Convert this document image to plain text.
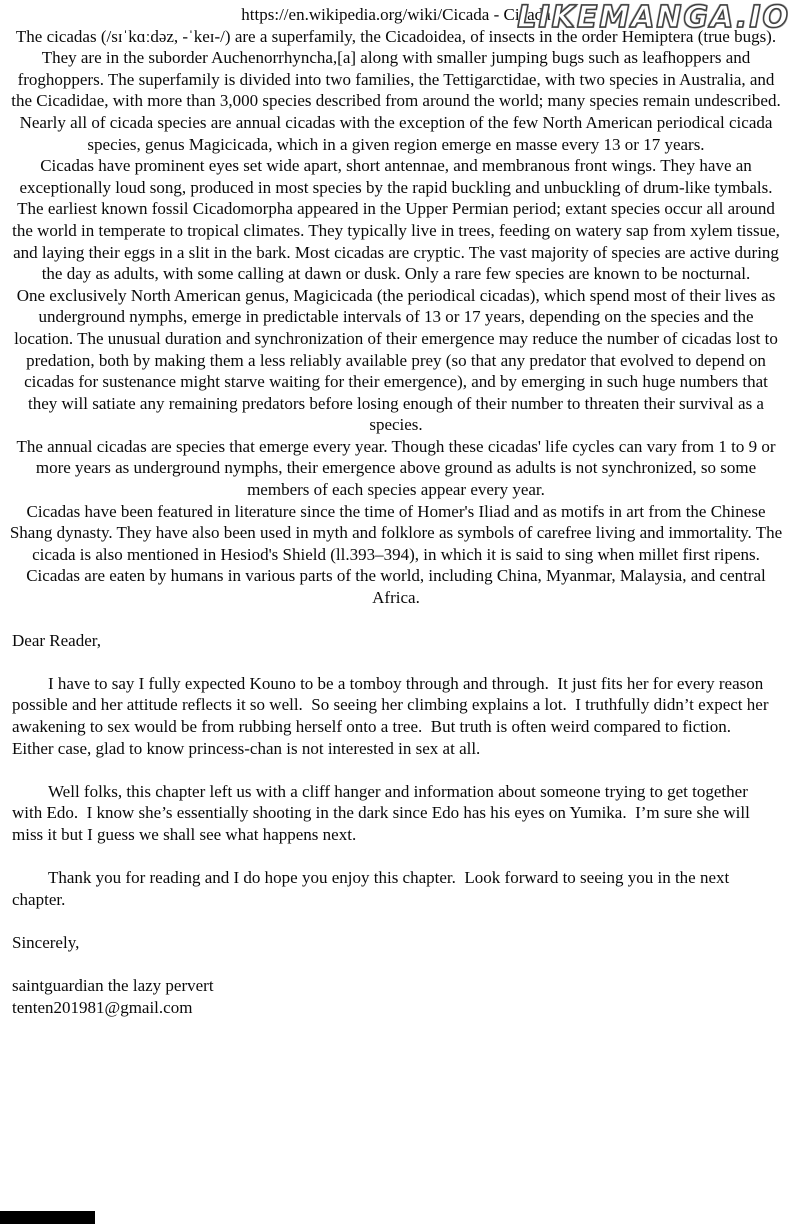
https://en.wikipedia.org/wiki/Cicada - Cicada
LIKEMANGA.IO

The cicadas (/sɪˈkɑːdəz, -ˈkeɪ-/) are a superfamily, the Cicadoidea, of insects in the order Hemiptera (true bugs). They are in the suborder Auchenorrhyncha,[a] along with smaller jumping bugs such as leafhoppers and froghoppers. The superfamily is divided into two families, the Tettigarctidae, with two species in Australia, and the Cicadidae, with more than 3,000 species described from around the world; many species remain undescribed. Nearly all of cicada species are annual cicadas with the exception of the few North American periodical cicada species, genus Magicicada, which in a given region emerge en masse every 13 or 17 years.

Cicadas have prominent eyes set wide apart, short antennae, and membranous front wings. They have an exceptionally loud song, produced in most species by the rapid buckling and unbuckling of drum-like tymbals. The earliest known fossil Cicadomorpha appeared in the Upper Permian period; extant species occur all around the world in temperate to tropical climates. They typically live in trees, feeding on watery sap from xylem tissue, and laying their eggs in a slit in the bark. Most cicadas are cryptic. The vast majority of species are active during the day as adults, with some calling at dawn or dusk. Only a rare few species are known to be nocturnal.

One exclusively North American genus, Magicicada (the periodical cicadas), which spend most of their lives as underground nymphs, emerge in predictable intervals of 13 or 17 years, depending on the species and the location. The unusual duration and synchronization of their emergence may reduce the number of cicadas lost to predation, both by making them a less reliably available prey (so that any predator that evolved to depend on cicadas for sustenance might starve waiting for their emergence), and by emerging in such huge numbers that they will satiate any remaining predators before losing enough of their number to threaten their survival as a species.

The annual cicadas are species that emerge every year. Though these cicadas' life cycles can vary from 1 to 9 or more years as underground nymphs, their emergence above ground as adults is not synchronized, so some members of each species appear every year.

Cicadas have been featured in literature since the time of Homer's Iliad and as motifs in art from the Chinese Shang dynasty. They have also been used in myth and folklore as symbols of carefree living and immortality. The cicada is also mentioned in Hesiod's Shield (ll.393–394), in which it is said to sing when millet first ripens. Cicadas are eaten by humans in various parts of the world, including China, Myanmar, Malaysia, and central Africa.

Dear Reader,

I have to say I fully expected Kouno to be a tomboy through and through.  It just fits her for every reason possible and her attitude reflects it so well.  So seeing her climbing explains a lot.  I truthfully didn’t expect her awakening to sex would be from rubbing herself onto a tree.  But truth is often weird compared to fiction.  Either case, glad to know princess-chan is not interested in sex at all.

Well folks, this chapter left us with a cliff hanger and information about someone trying to get together with Edo.  I know she’s essentially shooting in the dark since Edo has his eyes on Yumika.  I’m sure she will miss it but I guess we shall see what happens next.

Thank you for reading and I do hope you enjoy this chapter.  Look forward to seeing you in the next chapter.

Sincerely,

saintguardian the lazy pervert

tenten201981@gmail.com
